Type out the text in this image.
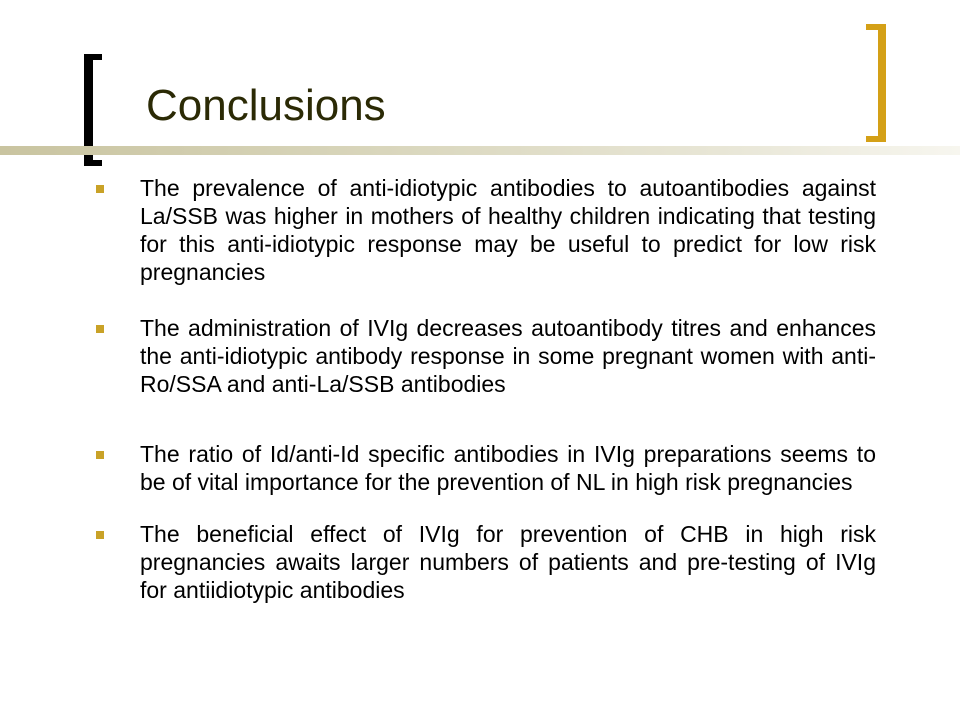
Conclusions
The prevalence of anti-idiotypic antibodies to autoantibodies against La/SSB was higher in mothers of healthy children indicating that testing for this anti-idiotypic response may be useful to predict for low risk pregnancies
The administration of IVIg decreases autoantibody titres and enhances the anti-idiotypic antibody response in some pregnant women with anti-Ro/SSA and anti-La/SSB antibodies
The ratio of Id/anti-Id specific antibodies in IVIg preparations seems to be of vital importance for the prevention of NL in high risk pregnancies
The beneficial effect of IVIg for prevention of CHB in high risk pregnancies awaits larger numbers of patients and pre-testing of IVIg for antiidiotypic antibodies
